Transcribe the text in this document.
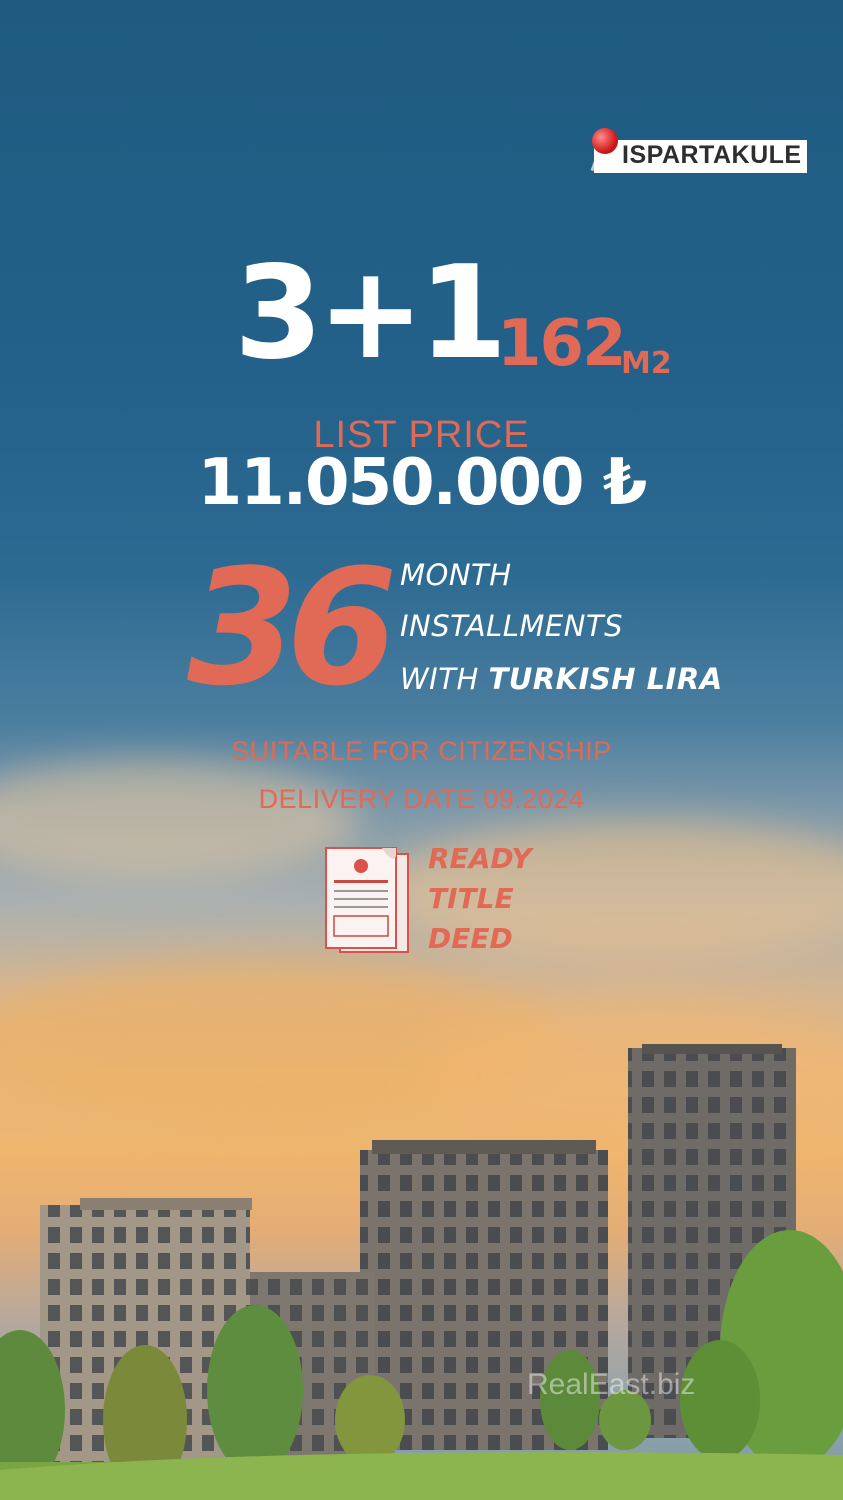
ISPARTAKULE
3+1
162
M2
LIST PRICE
11.050.000 ₺
36 MONTH
INSTALLMENTS
WITH TURKISH LIRA
SUITABLE FOR CITIZENSHIP
DELIVERY DATE 09.2024
READY
TITLE
DEED
RealEast.biz
